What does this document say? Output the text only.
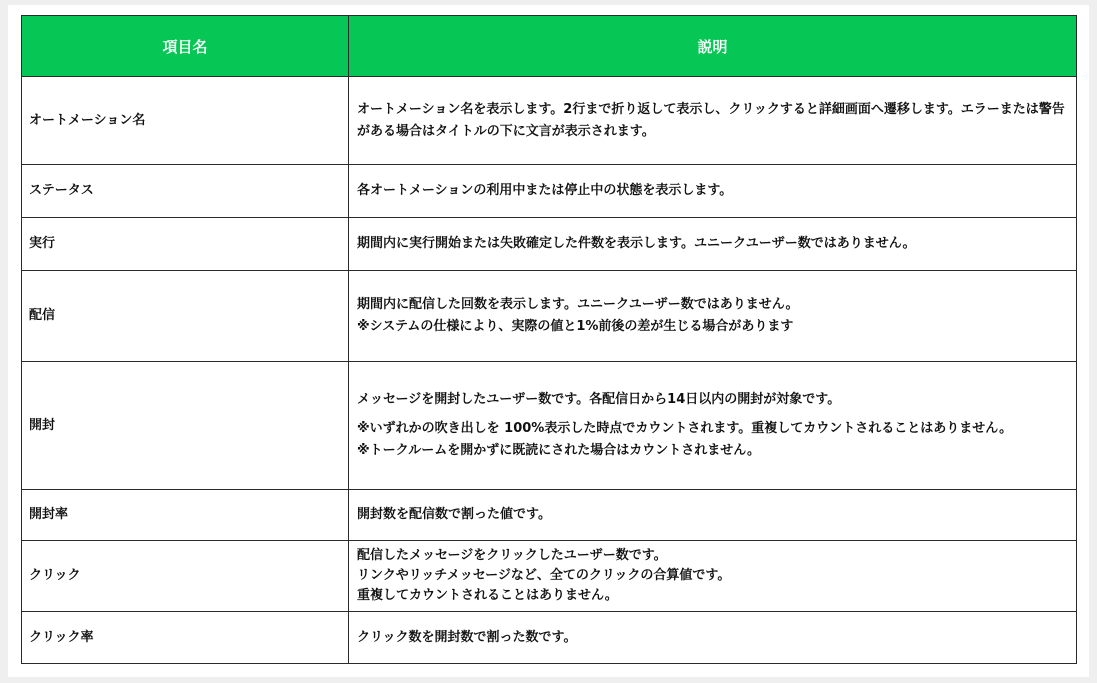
項目名	説明
オートメーション名	オートメーション名を表示します。2行まで折り返して表示し、クリックすると詳細画面へ遷移します。エラーまたは警告がある場合はタイトルの下に文言が表示されます。

ステータス	各オートメーションの利用中または停止中の状態を表示します。

実行	期間内に実行開始または失敗確定した件数を表示します。ユニークユーザー数ではありません。

配信	期間内に配信した回数を表示します。ユニークユーザー数ではありません。
※システムの仕様により、実際の値と1%前後の差が生じる場合があります

開封	メッセージを開封したユーザー数です。各配信日から14日以内の開封が対象です。
※いずれかの吹き出しを 100%表示した時点でカウントされます。重複してカウントされることはありません。
※トークルームを開かずに既読にされた場合はカウントされません。

開封率	開封数を配信数で割った値です。

クリック	配信したメッセージをクリックしたユーザー数です。
リンクやリッチメッセージなど、全てのクリックの合算値です。
重複してカウントされることはありません。

クリック率	クリック数を開封数で割った数です。
